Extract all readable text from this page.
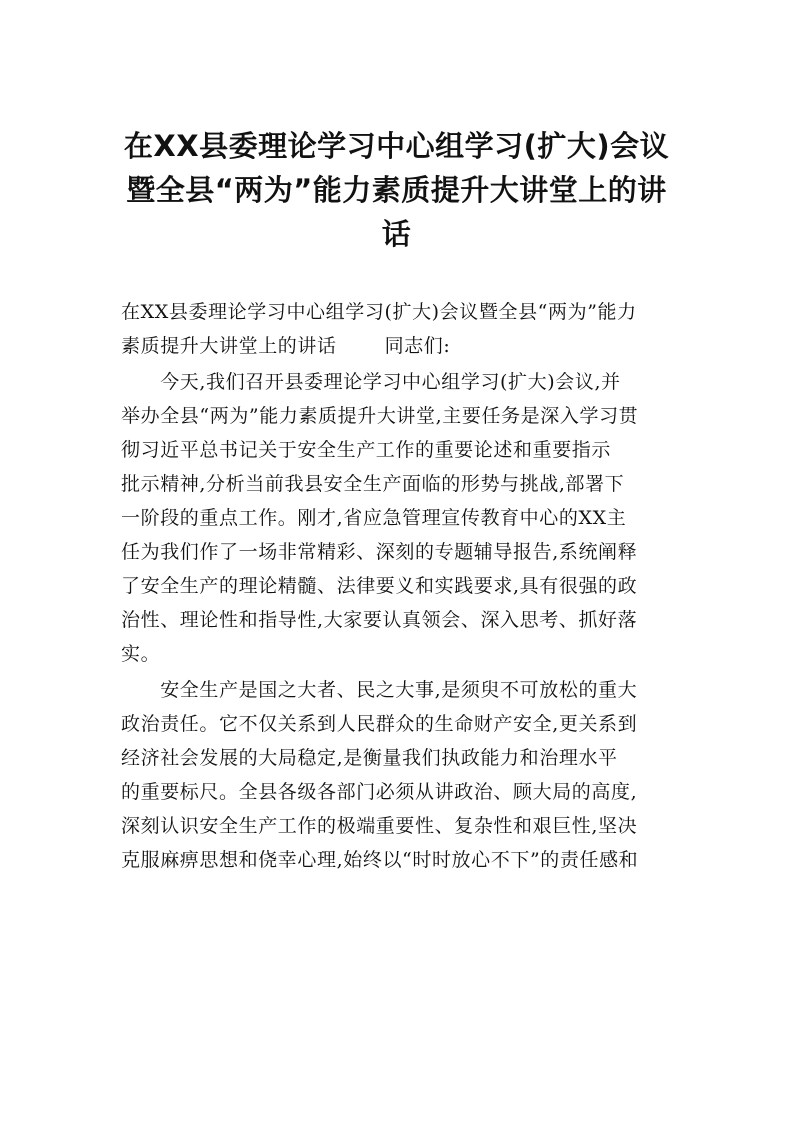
在XX县委理论学习中心组学习(扩大)会议
暨全县“两为”能力素质提升大讲堂上的讲
话
在XX县委理论学习中心组学习(扩大)会议暨全县“两为”能力
素质提升大讲堂上的讲话	同志们:
　　今天,我们召开县委理论学习中心组学习(扩大)会议,并
举办全县“两为”能力素质提升大讲堂,主要任务是深入学习贯
彻习近平总书记关于安全生产工作的重要论述和重要指示
批示精神,分析当前我县安全生产面临的形势与挑战,部署下
一阶段的重点工作。刚才,省应急管理宣传教育中心的XX主
任为我们作了一场非常精彩、深刻的专题辅导报告,系统阐释
了安全生产的理论精髓、法律要义和实践要求,具有很强的政
治性、理论性和指导性,大家要认真领会、深入思考、抓好落
实。
　　安全生产是国之大者、民之大事,是须臾不可放松的重大
政治责任。它不仅关系到人民群众的生命财产安全,更关系到
经济社会发展的大局稳定,是衡量我们执政能力和治理水平
的重要标尺。全县各级各部门必须从讲政治、顾大局的高度,
深刻认识安全生产工作的极端重要性、复杂性和艰巨性,坚决
克服麻痹思想和侥幸心理,始终以“时时放心不下”的责任感和
